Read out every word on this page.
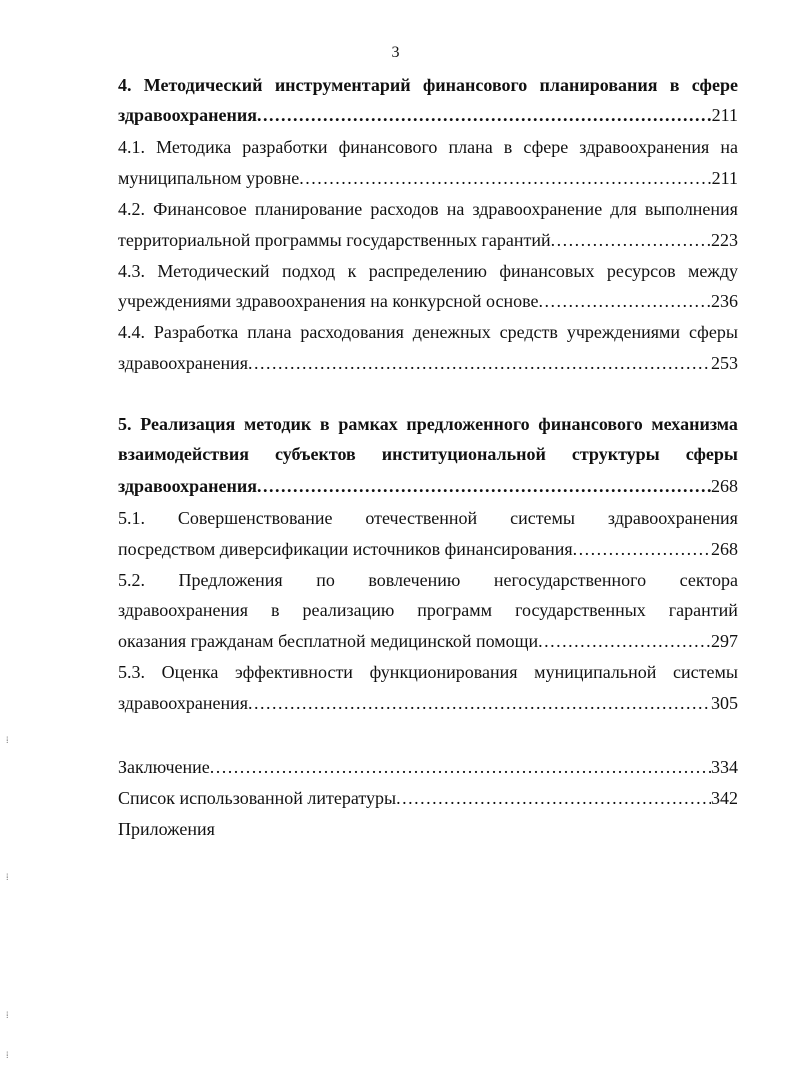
3
4. Методический инструментарий финансового планирования в сфере
здравоохранения .....	211
4.1. Методика разработки финансового плана в сфере здравоохранения на
муниципальном уровне .....	211
4.2. Финансовое планирование расходов на здравоохранение для выполнения
территориальной программы государственных гарантий .....	223
4.3. Методический подход к распределению финансовых ресурсов между
учреждениями здравоохранения на конкурсной основе .....	236
4.4. Разработка плана расходования денежных средств учреждениями сферы
здравоохранения .....	253
5. Реализация методик в рамках предложенного финансового механизма
взаимодействия субъектов институциональной структуры сферы
здравоохранения .....	268
5.1. Совершенствование отечественной системы здравоохранения
посредством диверсификации источников финансирования .....	268
5.2. Предложения по вовлечению негосударственного сектора
здравоохранения в реализацию программ государственных гарантий
оказания гражданам бесплатной медицинской помощи .....	297
5.3. Оценка эффективности функционирования муниципальной системы
здравоохранения .....	305
Заключение .....	334
Список использованной литературы .....	342
Приложения
⁞
⁞
⁞
⁞
